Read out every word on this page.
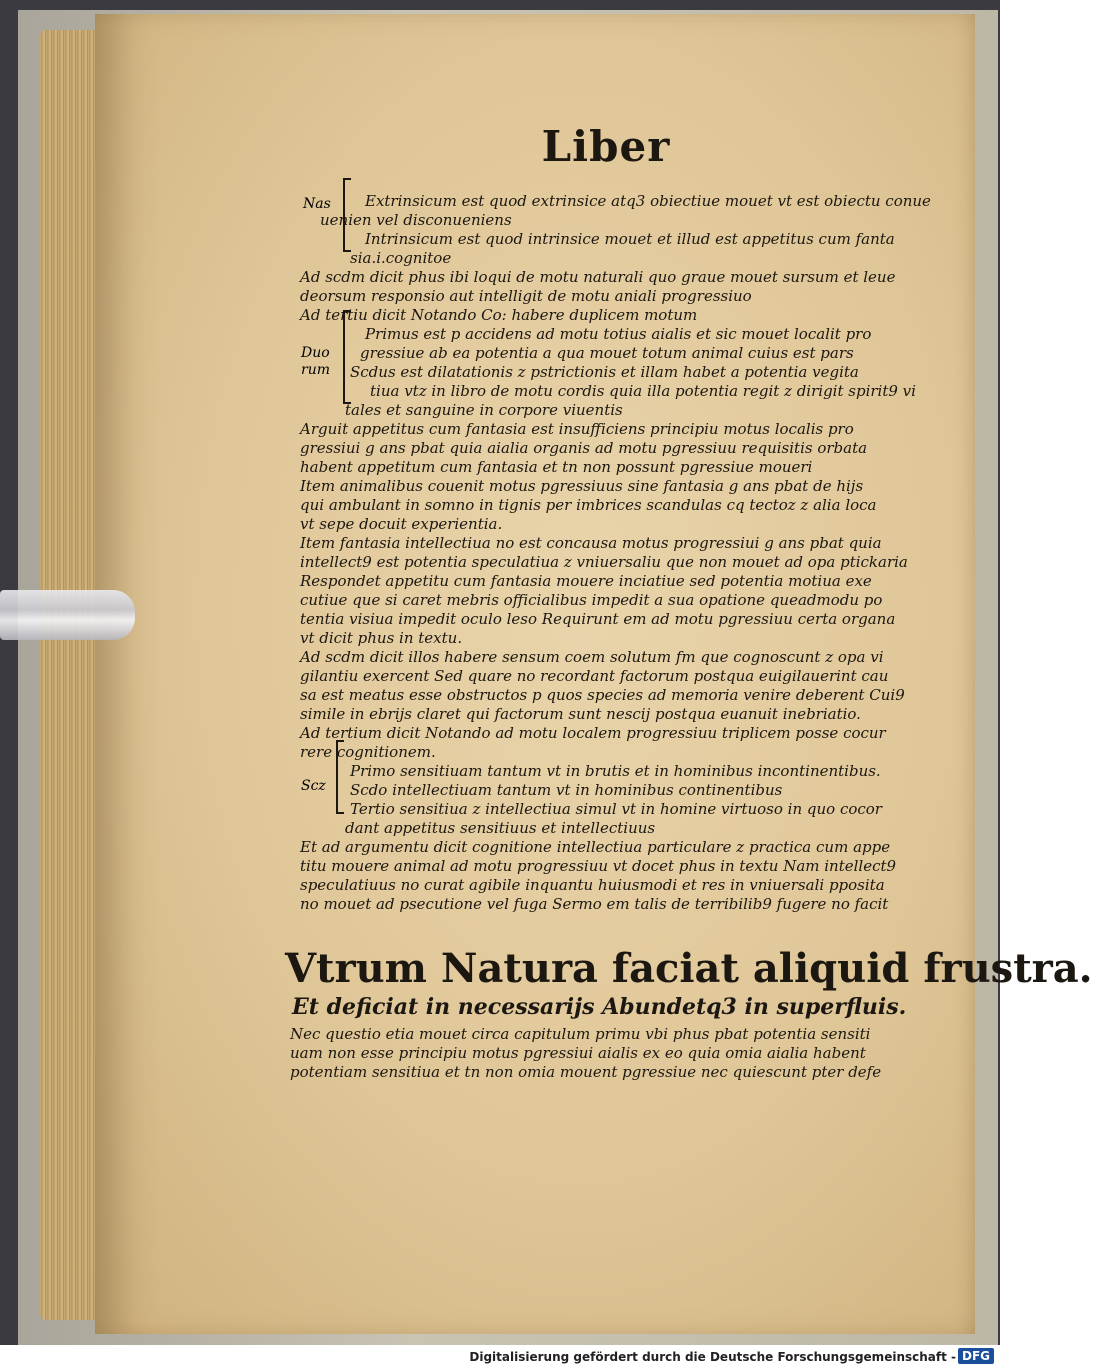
Liber
Extrinsicum est quod extrinsice atq3 obiectiue mouet vt est obiectu conue
uenien vel disconueniens
Intrinsicum est quod intrinsice mouet et illud est appetitus cum fanta
sia.i.cognitoe
Ad scdm dicit phus ibi loqui de motu naturali quo graue mouet sursum et leue
deorsum responsio aut intelligit de motu aniali progressiuo
Ad tertiu dicit Notando Co: habere duplicem motum
Primus est p accidens ad motu totius aialis et sic mouet localit pro
gressiue ab ea potentia a qua mouet totum animal cuius est pars
Scdus est dilatationis z pstrictionis et illam habet a potentia vegita
tiua vtz in libro de motu cordis quia illa potentia regit z dirigit spirit9 vi
tales et sanguine in corpore viuentis
Arguit appetitus cum fantasia est insufficiens principiu motus localis pro
gressiui g ans pbat quia aialia organis ad motu pgressiuu requisitis orbata
habent appetitum cum fantasia et tn non possunt pgressiue moueri
Item animalibus couenit motus pgressiuus sine fantasia g ans pbat de hijs
qui ambulant in somno in tignis per imbrices scandulas cq tectoz z alia loca
vt sepe docuit experientia.
Item fantasia intellectiua no est concausa motus progressiui g ans pbat quia
intellect9 est potentia speculatiua z vniuersaliu que non mouet ad opa ptickaria
Respondet appetitu cum fantasia mouere inciatiue sed potentia motiua exe
cutiue que si caret mebris officialibus impedit a sua opatione queadmodu po
tentia visiua impedit oculo leso Requirunt em ad motu pgressiuu certa organa
vt dicit phus in textu.
Ad scdm dicit illos habere sensum coem solutum fm que cognoscunt z opa vi
gilantiu exercent Sed quare no recordant factorum postqua euigilauerint cau
sa est meatus esse obstructos p quos species ad memoria venire deberent Cui9
simile in ebrijs claret qui factorum sunt nescij postqua euanuit inebriatio.
Ad tertium dicit Notando ad motu localem progressiuu triplicem posse cocur
rere cognitionem.
Primo sensitiuam tantum vt in brutis et in hominibus incontinentibus.
Scdo intellectiuam tantum vt in hominibus continentibus
Tertio sensitiua z intellectiua simul vt in homine virtuoso in quo cocor
dant appetitus sensitiuus et intellectiuus
Et ad argumentu dicit cognitione intellectiua particulare z practica cum appe
titu mouere animal ad motu progressiuu vt docet phus in textu Nam intellect9
speculatiuus no curat agibile inquantu huiusmodi et res in vniuersali pposita
no mouet ad psecutione vel fuga Sermo em talis de terribilib9 fugere no facit
Nas
Duo
rum
Scz
Vtrum Natura faciat aliquid frustra.
Et deficiat in necessarijs Abundetq3 in superfluis.
Nec questio etia mouet circa capitulum primu vbi phus pbat potentia sensiti
uam non esse principiu motus pgressiui aialis ex eo quia omia aialia habent
potentiam sensitiua et tn non omia mouent pgressiue nec quiescunt pter defe
Digitalisierung gefördert durch die Deutsche Forschungsgemeinschaft - DFG
